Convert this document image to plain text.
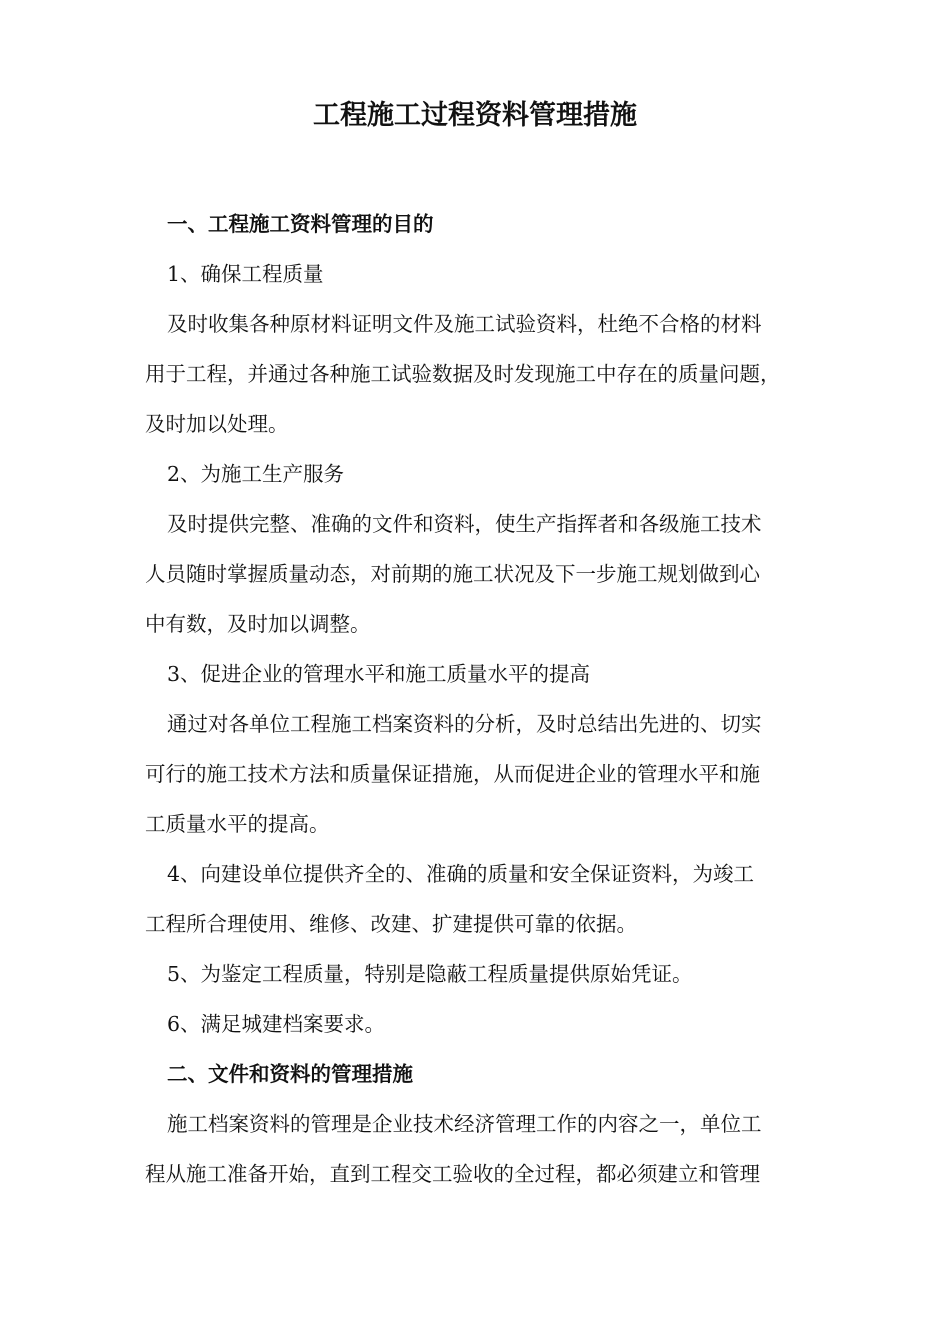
工程施工过程资料管理措施
一、工程施工资料管理的目的
1、确保工程质量
及时收集各种原材料证明文件及施工试验资料，杜绝不合格的材料
用于工程，并通过各种施工试验数据及时发现施工中存在的质量问题，
及时加以处理。
2、为施工生产服务
及时提供完整、准确的文件和资料，使生产指挥者和各级施工技术
人员随时掌握质量动态，对前期的施工状况及下一步施工规划做到心
中有数，及时加以调整。
3、促进企业的管理水平和施工质量水平的提高
通过对各单位工程施工档案资料的分析，及时总结出先进的、切实
可行的施工技术方法和质量保证措施，从而促进企业的管理水平和施
工质量水平的提高。
4、向建设单位提供齐全的、准确的质量和安全保证资料，为竣工
工程所合理使用、维修、改建、扩建提供可靠的依据。
5、为鉴定工程质量，特别是隐蔽工程质量提供原始凭证。
6、满足城建档案要求。
二、文件和资料的管理措施
施工档案资料的管理是企业技术经济管理工作的内容之一，单位工
程从施工准备开始，直到工程交工验收的全过程，都必须建立和管理
